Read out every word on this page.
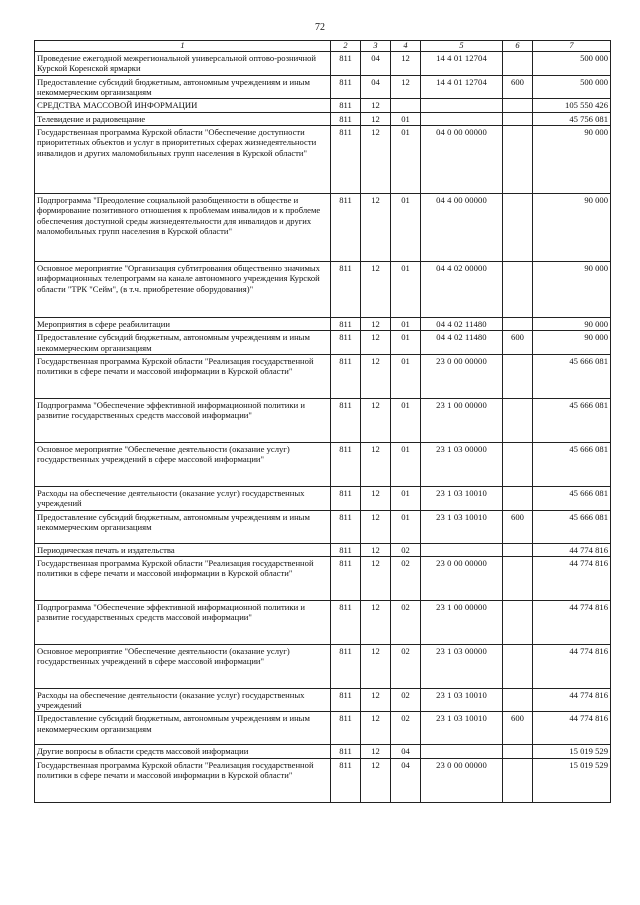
72
1	2	3	4	5	6	7
Проведение ежегодной межрегиональной универсальной оптово-розничной Курской Коренской ярмарки	811	04	12	14 4 01 12704		500 000
Предоставление субсидий бюджетным, автономным учреждениям и иным некоммерческим организациям	811	04	12	14 4 01 12704	600	500 000
СРЕДСТВА МАССОВОЙ ИНФОРМАЦИИ	811	12				105 550 426
Телевидение и радиовещание	811	12	01			45 756 081
Государственная программа Курской области "Обеспечение доступности приоритетных объектов и услуг в приоритетных сферах жизнедеятельности инвалидов и других маломобильных групп населения в Курской области"	811	12	01	04 0 00 00000		90 000
Подпрограмма "Преодоление социальной разобщенности в обществе и формирование позитивного отношения к проблемам инвалидов и к проблеме обеспечения доступной среды жизнедеятельности для инвалидов и других маломобильных групп населения в Курской области"	811	12	01	04 4 00 00000		90 000
Основное мероприятие "Организация субтитрования общественно значимых информационных телепрограмм на канале автономного учреждения Курской области "ТРК "Сейм", (в т.ч. приобретение оборудования)"	811	12	01	04 4 02 00000		90 000
Мероприятия в сфере реабилитации	811	12	01	04 4 02 11480		90 000
Предоставление субсидий бюджетным, автономным учреждениям и иным некоммерческим организациям	811	12	01	04 4 02 11480	600	90 000
Государственная программа Курской области "Реализация государственной политики в сфере печати и массовой информации в Курской области"	811	12	01	23 0 00 00000		45 666 081
Подпрограмма "Обеспечение эффективной информационной политики и развитие государственных средств массовой информации"	811	12	01	23 1 00 00000		45 666 081
Основное мероприятие "Обеспечение деятельности (оказание услуг) государственных учреждений в сфере массовой информации"	811	12	01	23 1 03 00000		45 666 081
Расходы на обеспечение деятельности (оказание услуг) государственных учреждений	811	12	01	23 1 03 10010		45 666 081
Предоставление субсидий бюджетным, автономным учреждениям и иным некоммерческим организациям	811	12	01	23 1 03 10010	600	45 666 081
Периодическая печать и издательства	811	12	02			44 774 816
Государственная программа Курской области "Реализация государственной политики в сфере печати и массовой информации в Курской области"	811	12	02	23 0 00 00000		44 774 816
Подпрограмма "Обеспечение эффективной информационной политики и развитие государственных средств массовой информации"	811	12	02	23 1 00 00000		44 774 816
Основное мероприятие "Обеспечение деятельности (оказание услуг) государственных учреждений в сфере массовой информации"	811	12	02	23 1 03 00000		44 774 816
Расходы на обеспечение деятельности (оказание услуг) государственных учреждений	811	12	02	23 1 03 10010		44 774 816
Предоставление субсидий бюджетным, автономным учреждениям и иным некоммерческим организациям	811	12	02	23 1 03 10010	600	44 774 816
Другие вопросы в области средств массовой информации	811	12	04			15 019 529
Государственная программа Курской области "Реализация государственной политики в сфере печати и массовой информации в Курской области"	811	12	04	23 0 00 00000		15 019 529
